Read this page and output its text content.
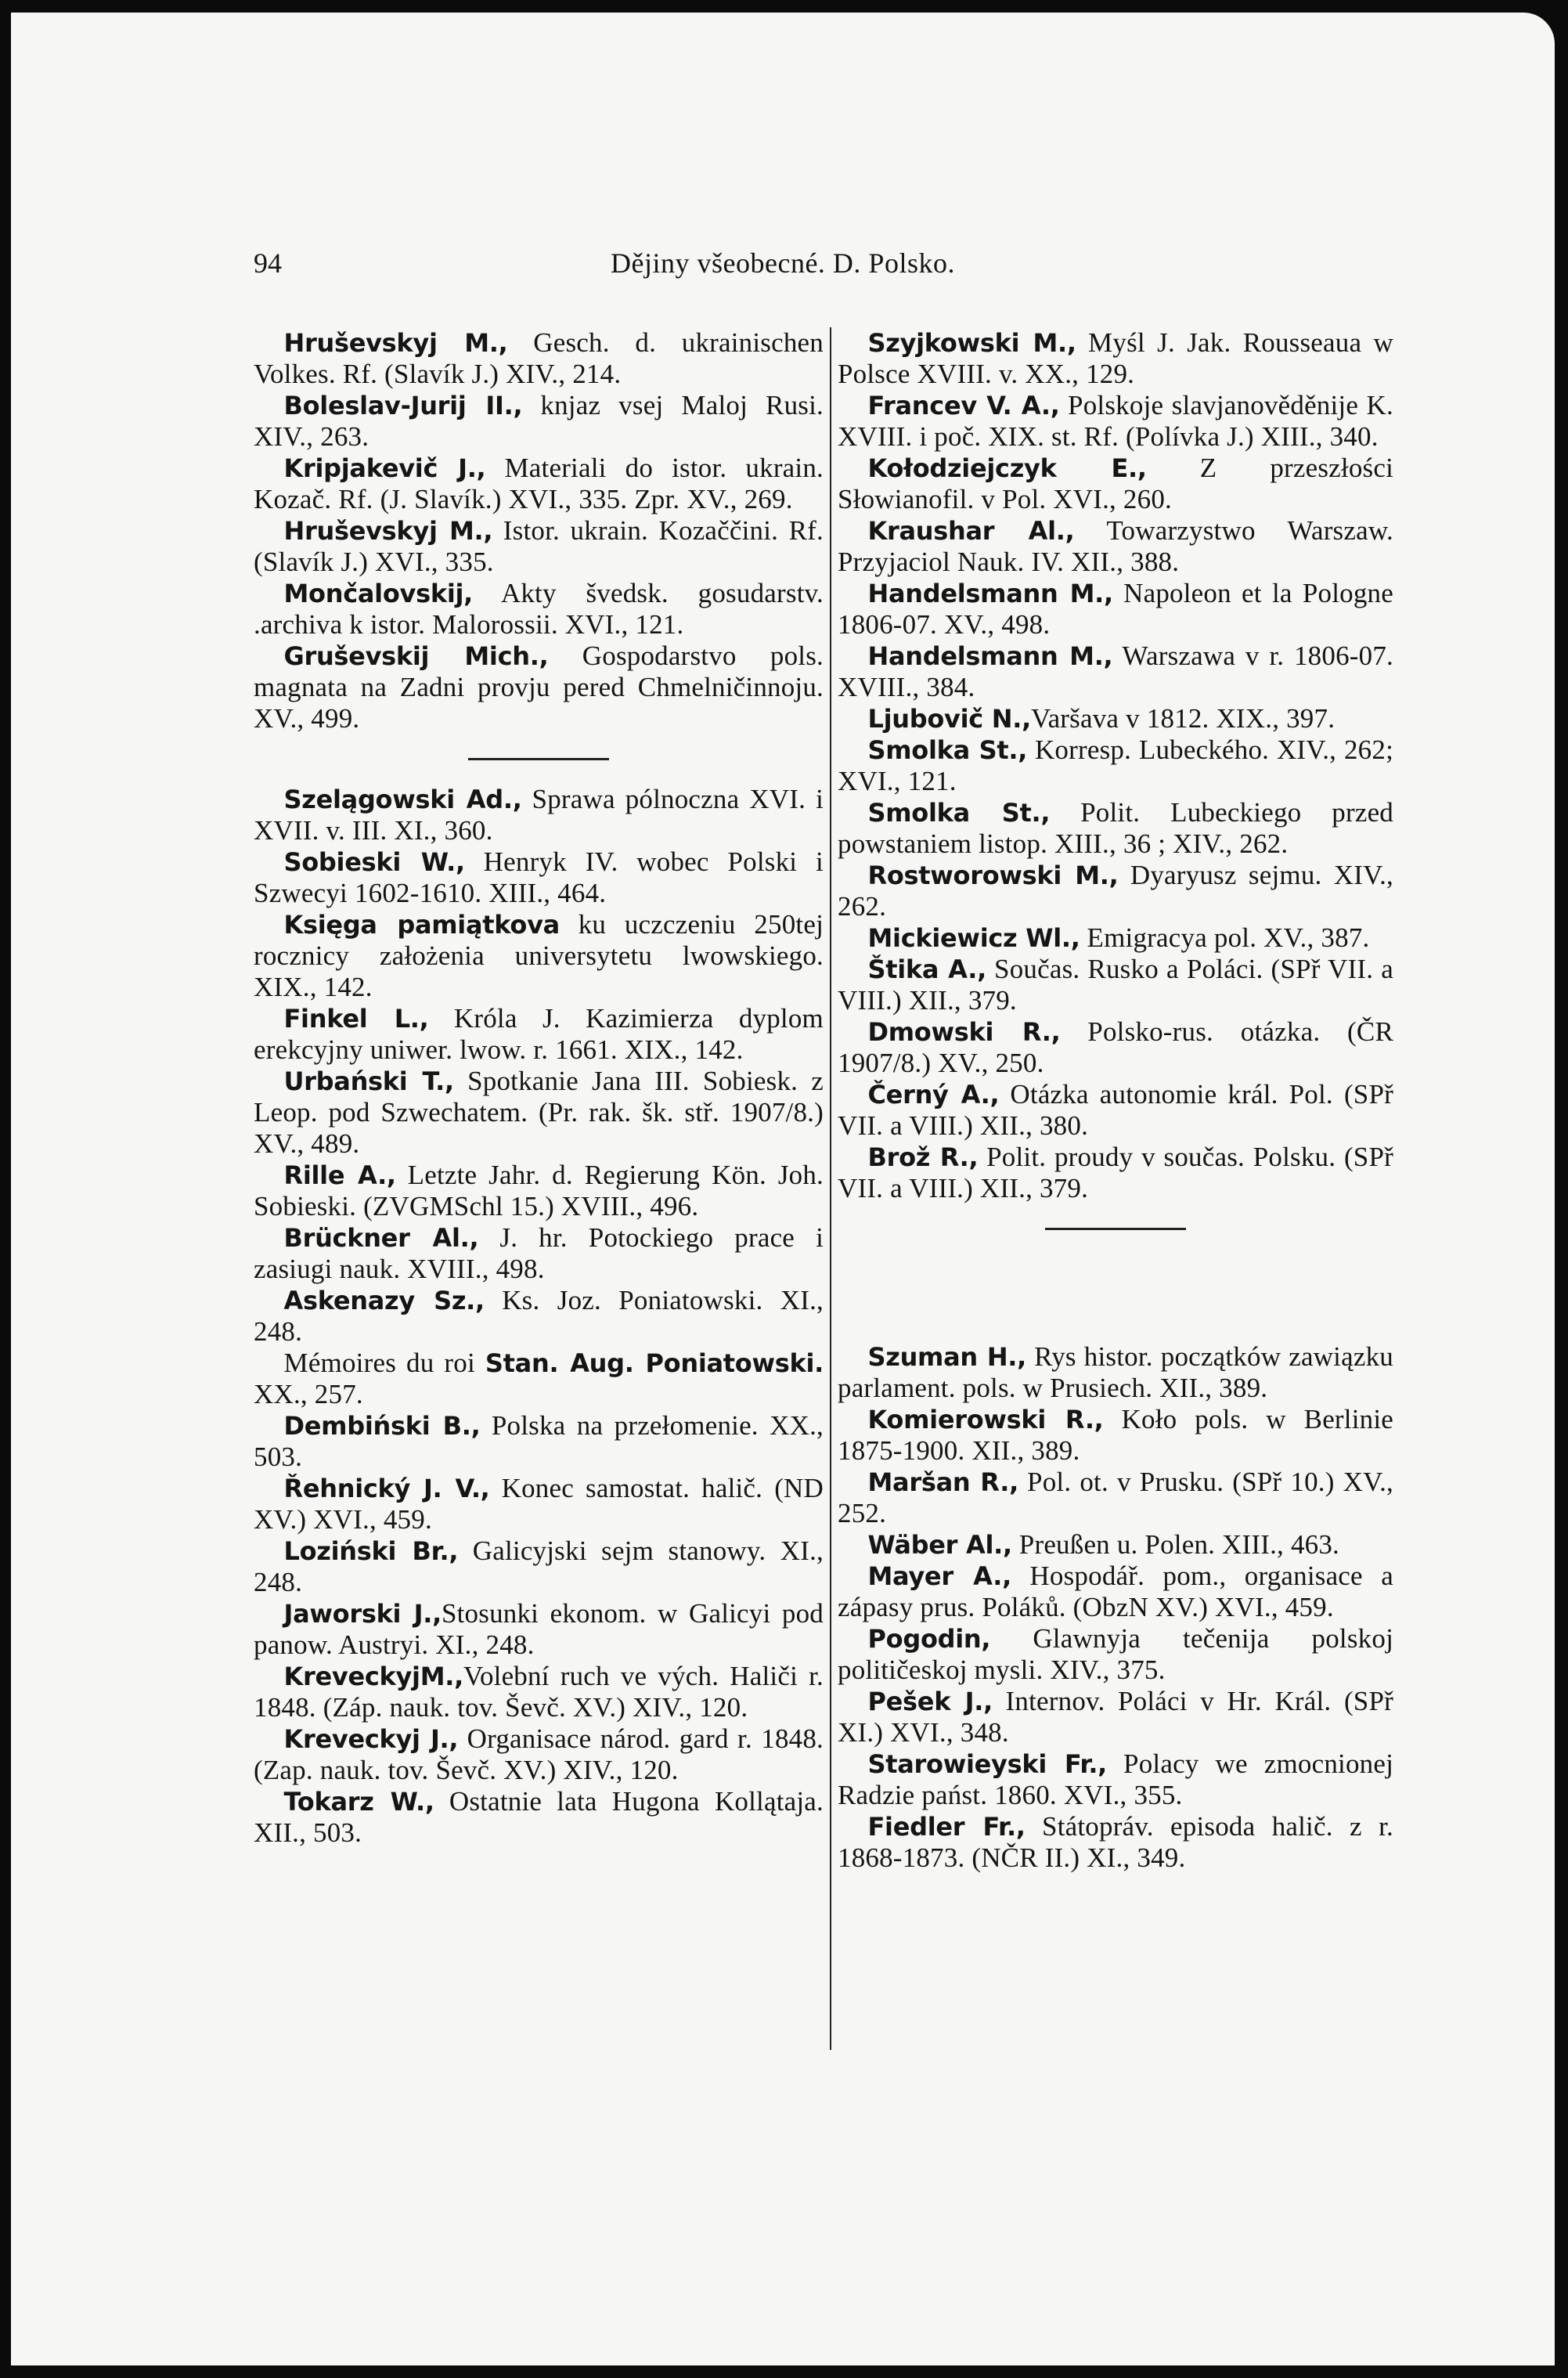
94	Dějiny všeobecné. D. Polsko.
Hruševskyj M., Gesch. d. ukrainischen Volkes. Rf. (Slavík J.) XIV., 214.
Boleslav-Jurij II., knjaz vsej Maloj Rusi. XIV., 263.
Kripjakevič J., Materiali do istor. ukrain. Kozač. Rf. (J. Slavík.) XVI., 335. Zpr. XV., 269.
Hruševskyj M., Istor. ukrain. Kozaččini. Rf. (Slavík J.) XVI., 335.
Mončalovskij, Akty švedsk. gosudarstv. .archiva k istor. Malorossii. XVI., 121.
Gruševskij Mich., Gospodarstvo pols. magnata na Zadni provju pered Chmelničinnoju. XV., 499.
Szelągowski Ad., Sprawa pólnoczna XVI. i XVII. v. III. XI., 360.
Sobieski W., Henryk IV. wobec Polski i Szwecyi 1602-1610. XIII., 464.
Księga pamiątkova ku uczczeniu 250tej rocznicy założenia universytetu lwowskiego. XIX., 142.
Finkel L., Króla J. Kazimierza dyplom erekcyjny uniwer. lwow. r. 1661. XIX., 142.
Urbański T., Spotkanie Jana III. Sobiesk. z Leop. pod Szwechatem. (Pr. rak. šk. stř. 1907/8.) XV., 489.
Rille A., Letzte Jahr. d. Regierung Kön. Joh. Sobieski. (ZVGMSchl 15.) XVIII., 496.
Brückner Al., J. hr. Potockiego prace i zasiugi nauk. XVIII., 498.
Askenazy Sz., Ks. Joz. Poniatowski. XI., 248.
Mémoires du roi Stan. Aug. Poniatowski. XX., 257.
Dembiński B., Polska na przełomenie. XX., 503.
Řehnický J. V., Konec samostat. halič. (ND XV.) XVI., 459.
Loziński Br., Galicyjski sejm stanowy. XI., 248.
Jaworski J.,Stosunki ekonom. w Galicyi pod panow. Austryi. XI., 248.
KreveckyjM.,Volební ruch ve vých. Haliči r. 1848. (Záp. nauk. tov. Ševč. XV.) XIV., 120.
Kreveckyj J., Organisace národ. gard r. 1848. (Zap. nauk. tov. Ševč. XV.) XIV., 120.
Tokarz W., Ostatnie lata Hugona Kollątaja. XII., 503.
Szyjkowski M., Myśl J. Jak. Rousseaua w Polsce XVIII. v. XX., 129.
Francev V. A., Polskoje slavjanověděnije K. XVIII. i poč. XIX. st. Rf. (Polívka J.) XIII., 340.
Kołodziejczyk E., Z przeszłości Słowianofil. v Pol. XVI., 260.
Kraushar Al., Towarzystwo Warszaw. Przyjaciol Nauk. IV. XII., 388.
Handelsmann M., Napoleon et la Pologne 1806-07. XV., 498.
Handelsmann M., Warszawa v r. 1806-07. XVIII., 384.
Ljubovič N.,Varšava v 1812. XIX., 397.
Smolka St., Korresp. Lubeckého. XIV., 262; XVI., 121.
Smolka St., Polit. Lubeckiego przed powstaniem listop. XIII., 36 ; XIV., 262.
Rostworowski M., Dyaryusz sejmu. XIV., 262.
Mickiewicz Wl., Emigracya pol. XV., 387.
Štika A., Součas. Rusko a Poláci. (SPř VII. a VIII.) XII., 379.
Dmowski R., Polsko-rus. otázka. (ČR 1907/8.) XV., 250.
Černý A., Otázka autonomie král. Pol. (SPř VII. a VIII.) XII., 380.
Brož R., Polit. proudy v součas. Polsku. (SPř VII. a VIII.) XII., 379.
Szuman H., Rys histor. początków zawiązku parlament. pols. w Prusiech. XII., 389.
Komierowski R., Koło pols. w Berlinie 1875-1900. XII., 389.
Maršan R., Pol. ot. v Prusku. (SPř 10.) XV., 252.
Wäber Al., Preußen u. Polen. XIII., 463.
Mayer A., Hospodář. pom., organisace a zápasy prus. Poláků. (ObzN XV.) XVI., 459.
Pogodin, Glawnyja tečenija polskoj političeskoj mysli. XIV., 375.
Pešek J., Internov. Poláci v Hr. Král. (SPř XI.) XVI., 348.
Starowieyski Fr., Polacy we zmocnionej Radzie państ. 1860. XVI., 355.
Fiedler Fr., Státopráv. episoda halič. z r. 1868-1873. (NČR II.) XI., 349.
